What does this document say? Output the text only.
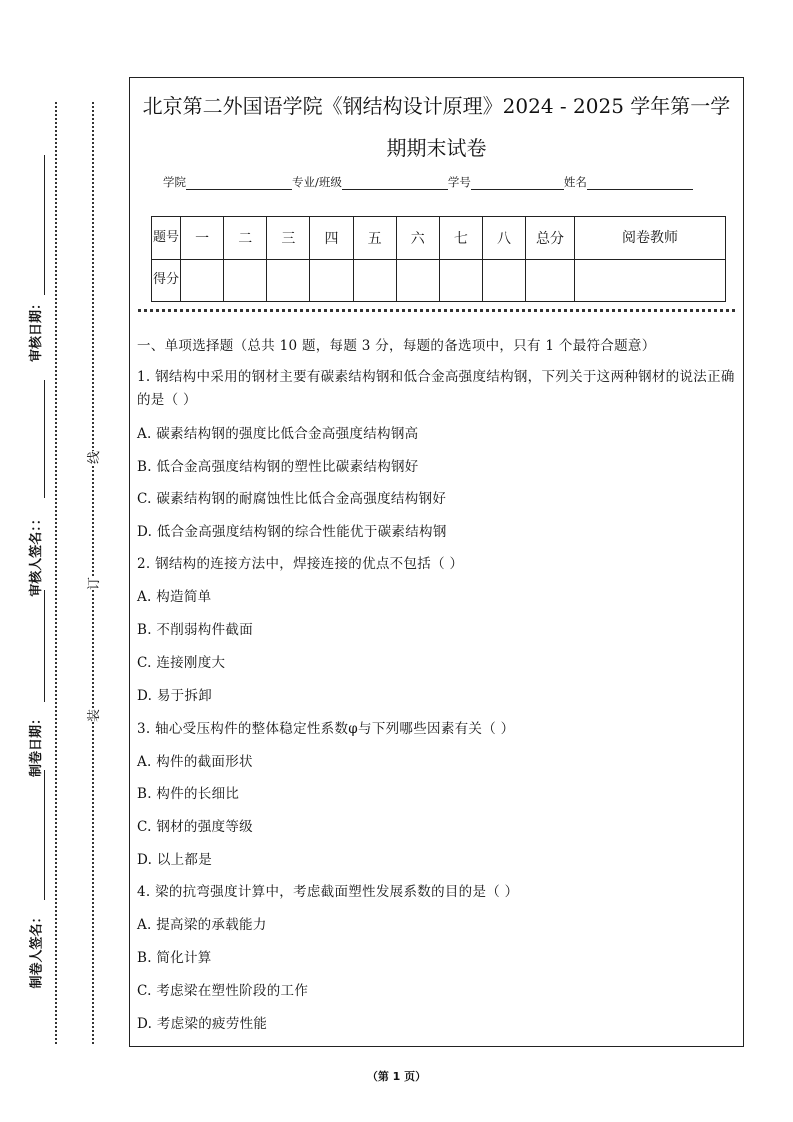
审核日期：
审核人签名：：
制卷日期：
制卷人签名：
线
订
装
北京第二外国语学院《钢结构设计原理》2024 - 2025 学年第一学
期期末试卷
学院	专业/班级	学号	姓名
题号	一	二	三	四	五	六	七	八	总分	阅卷教师
得分										
一、单项选择题（总共 10 题，每题 3 分，每题的备选项中，只有 1 个最符合题意）
1. 钢结构中采用的钢材主要有碳素结构钢和低合金高强度结构钢，下列关于这两种钢材的说法正确的是（ ）
A. 碳素结构钢的强度比低合金高强度结构钢高
B. 低合金高强度结构钢的塑性比碳素结构钢好
C. 碳素结构钢的耐腐蚀性比低合金高强度结构钢好
D. 低合金高强度结构钢的综合性能优于碳素结构钢
2. 钢结构的连接方法中，焊接连接的优点不包括（ ）
A. 构造简单
B. 不削弱构件截面
C. 连接刚度大
D. 易于拆卸
3. 轴心受压构件的整体稳定性系数φ与下列哪些因素有关（ ）
A. 构件的截面形状
B. 构件的长细比
C. 钢材的强度等级
D. 以上都是
4. 梁的抗弯强度计算中，考虑截面塑性发展系数的目的是（ ）
A. 提高梁的承载能力
B. 简化计算
C. 考虑梁在塑性阶段的工作
D. 考虑梁的疲劳性能
（第 1 页）
